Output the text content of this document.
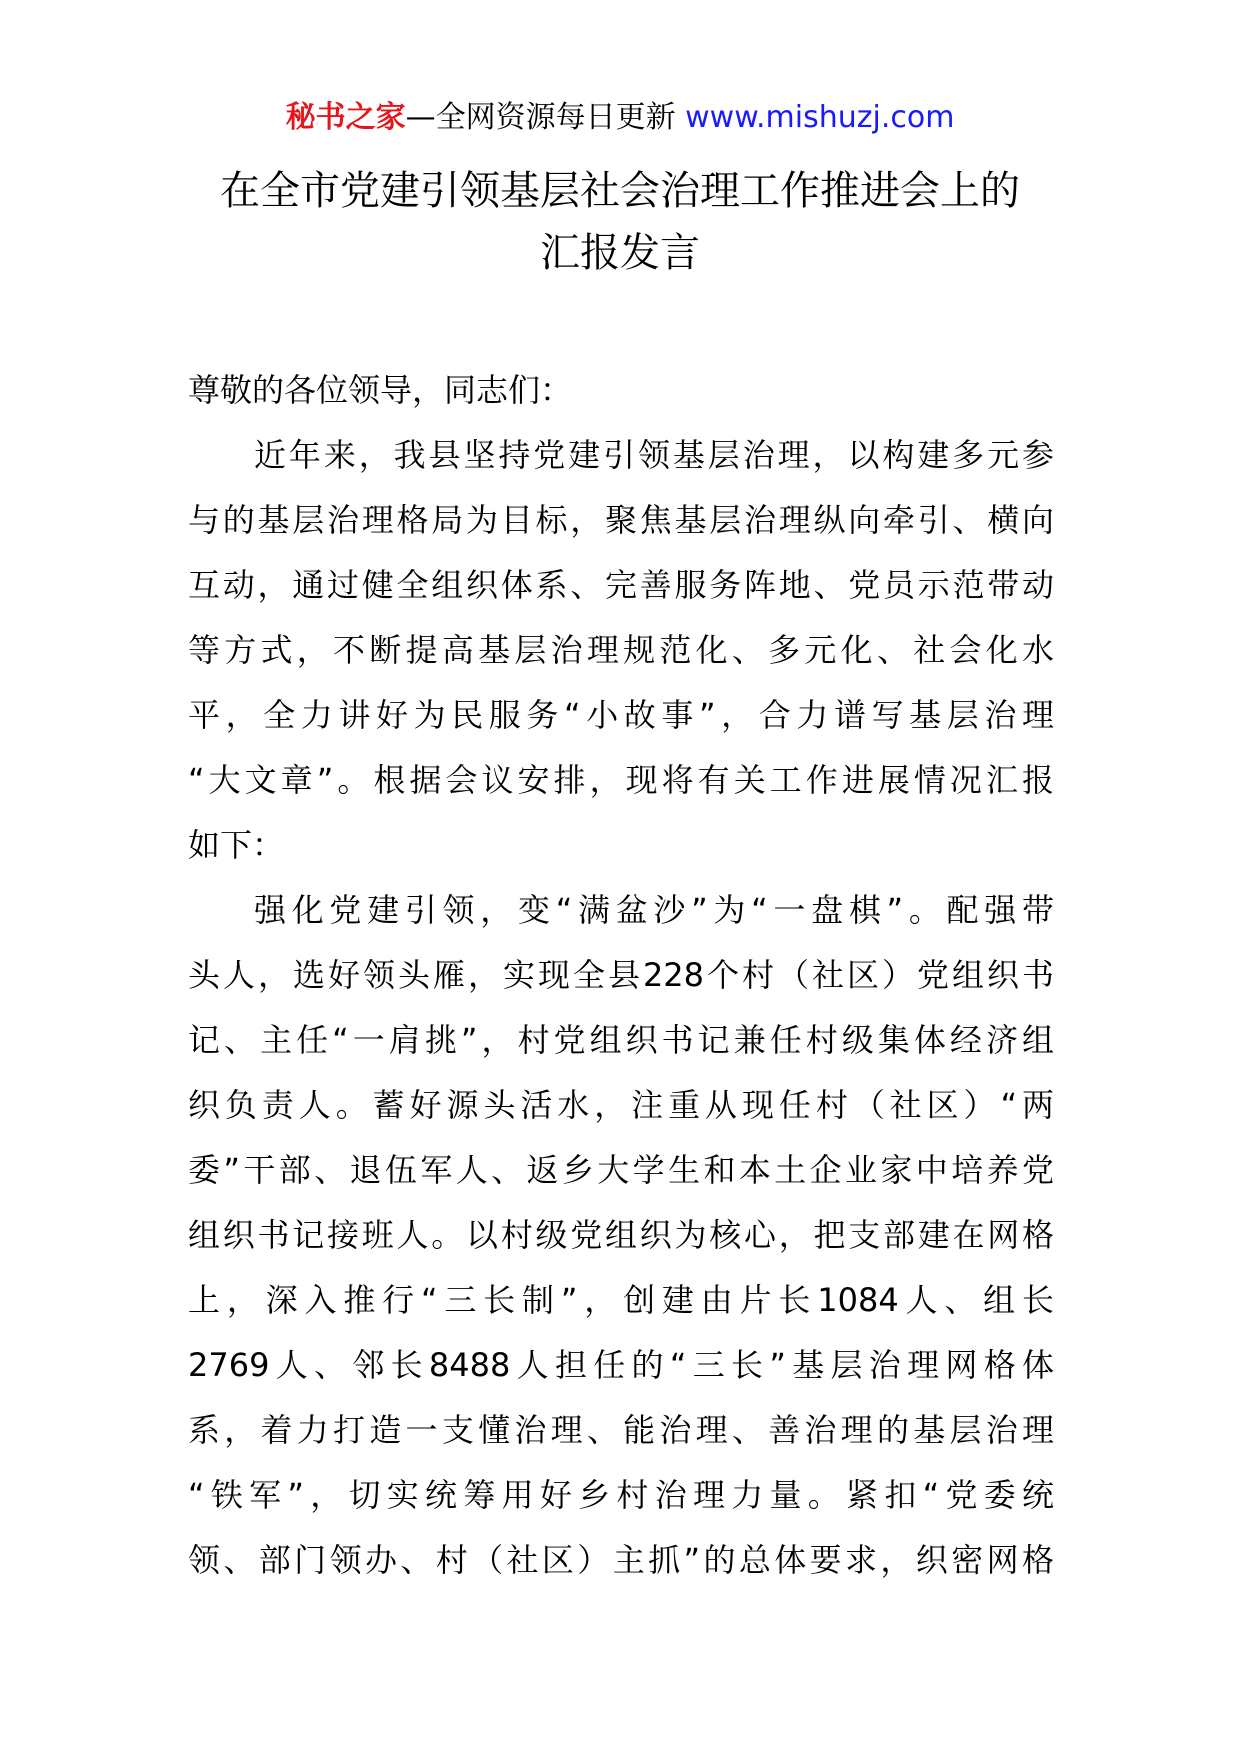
秘书之家—全网资源每日更新 www.mishuzj.com
在全市党建引领基层社会治理工作推进会上的
汇报发言
尊敬的各位领导，同志们：
近年来，我县坚持党建引领基层治理，以构建多元参
与的基层治理格局为目标，聚焦基层治理纵向牵引、横向
互动，通过健全组织体系、完善服务阵地、党员示范带动
等方式，不断提高基层治理规范化、多元化、社会化水
平，全力讲好为民服务“小故事”，合力谱写基层治理
“大文章”。根据会议安排，现将有关工作进展情况汇报
如下：
强化党建引领，变“满盆沙”为“一盘棋”。配强带
头人，选好领头雁，实现全县228个村（社区）党组织书
记、主任“一肩挑”，村党组织书记兼任村级集体经济组
织负责人。蓄好源头活水，注重从现任村（社区）“两
委”干部、退伍军人、返乡大学生和本土企业家中培养党
组织书记接班人。以村级党组织为核心，把支部建在网格
上，深入推行“三长制”，创建由片长1084人、组长
2769人、邻长8488人担任的“三长”基层治理网格体
系，着力打造一支懂治理、能治理、善治理的基层治理
“铁军”，切实统筹用好乡村治理力量。紧扣“党委统
领、部门领办、村（社区）主抓”的总体要求，织密网格
